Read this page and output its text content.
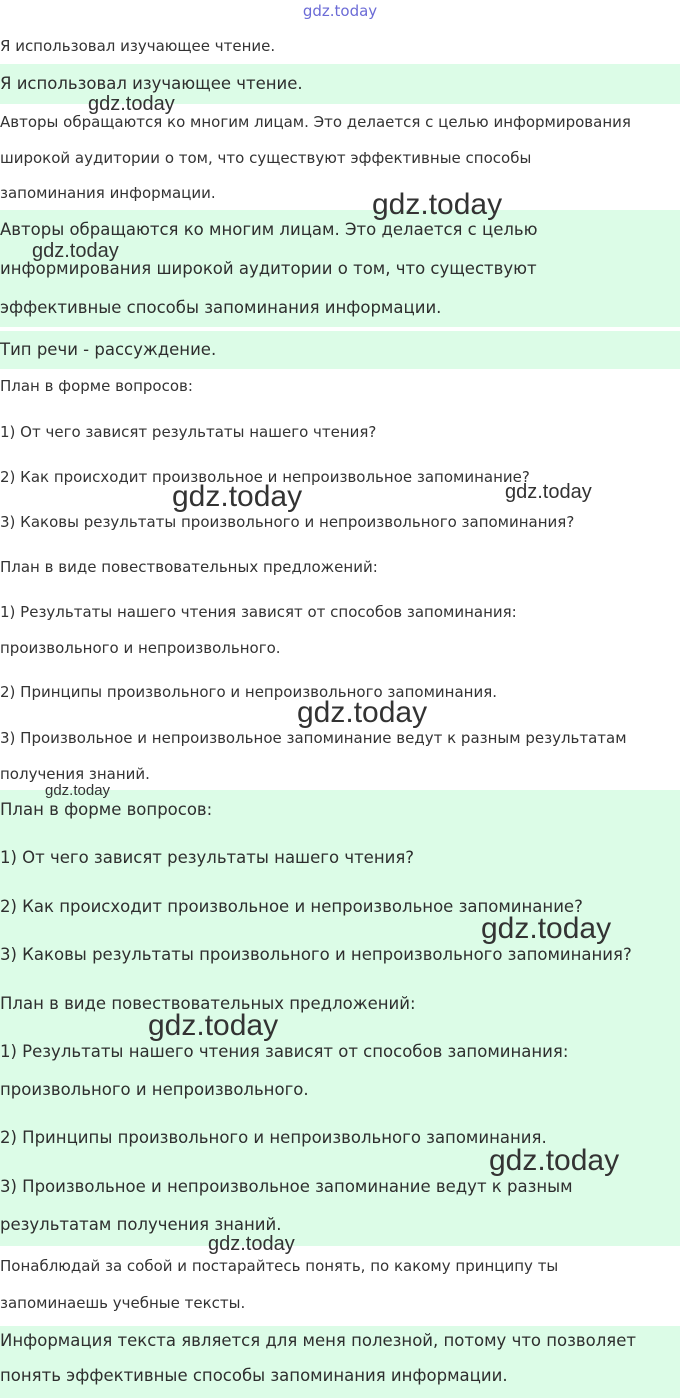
gdz.today
Я использовал изучающее чтение.
Я использовал изучающее чтение.
Авторы обращаются ко многим лицам. Это делается с целью информирования
широкой аудитории о том, что существуют эффективные способы
запоминания информации.
Авторы обращаются ко многим лицам. Это делается с целью
информирования широкой аудитории о том, что существуют
эффективные способы запоминания информации.
Тип речи - рассуждение.
План в форме вопросов:
1) От чего зависят результаты нашего чтения?
2) Как происходит произвольное и непроизвольное запоминание?
3) Каковы результаты произвольного и непроизвольного запоминания?
План в виде повествовательных предложений:
1) Результаты нашего чтения зависят от способов запоминания:
произвольного и непроизвольного.
2) Принципы произвольного и непроизвольного запоминания.
3) Произвольное и непроизвольное запоминание ведут к разным результатам
получения знаний.
План в форме вопросов:
1) От чего зависят результаты нашего чтения?
2) Как происходит произвольное и непроизвольное запоминание?
3) Каковы результаты произвольного и непроизвольного запоминания?
План в виде повествовательных предложений:
1) Результаты нашего чтения зависят от способов запоминания:
произвольного и непроизвольного.
2) Принципы произвольного и непроизвольного запоминания.
3) Произвольное и непроизвольное запоминание ведут к разным
результатам получения знаний.
Понаблюдай за собой и постарайтесь понять, по какому принципу ты
запоминаешь учебные тексты.
Информация текста является для меня полезной, потому что позволяет
понять эффективные способы запоминания информации.
gdz.today
gdz.today
gdz.today
gdz.today	gdz.today
gdz.today
gdz.today
gdz.today
gdz.today
gdz.today
gdz.today
